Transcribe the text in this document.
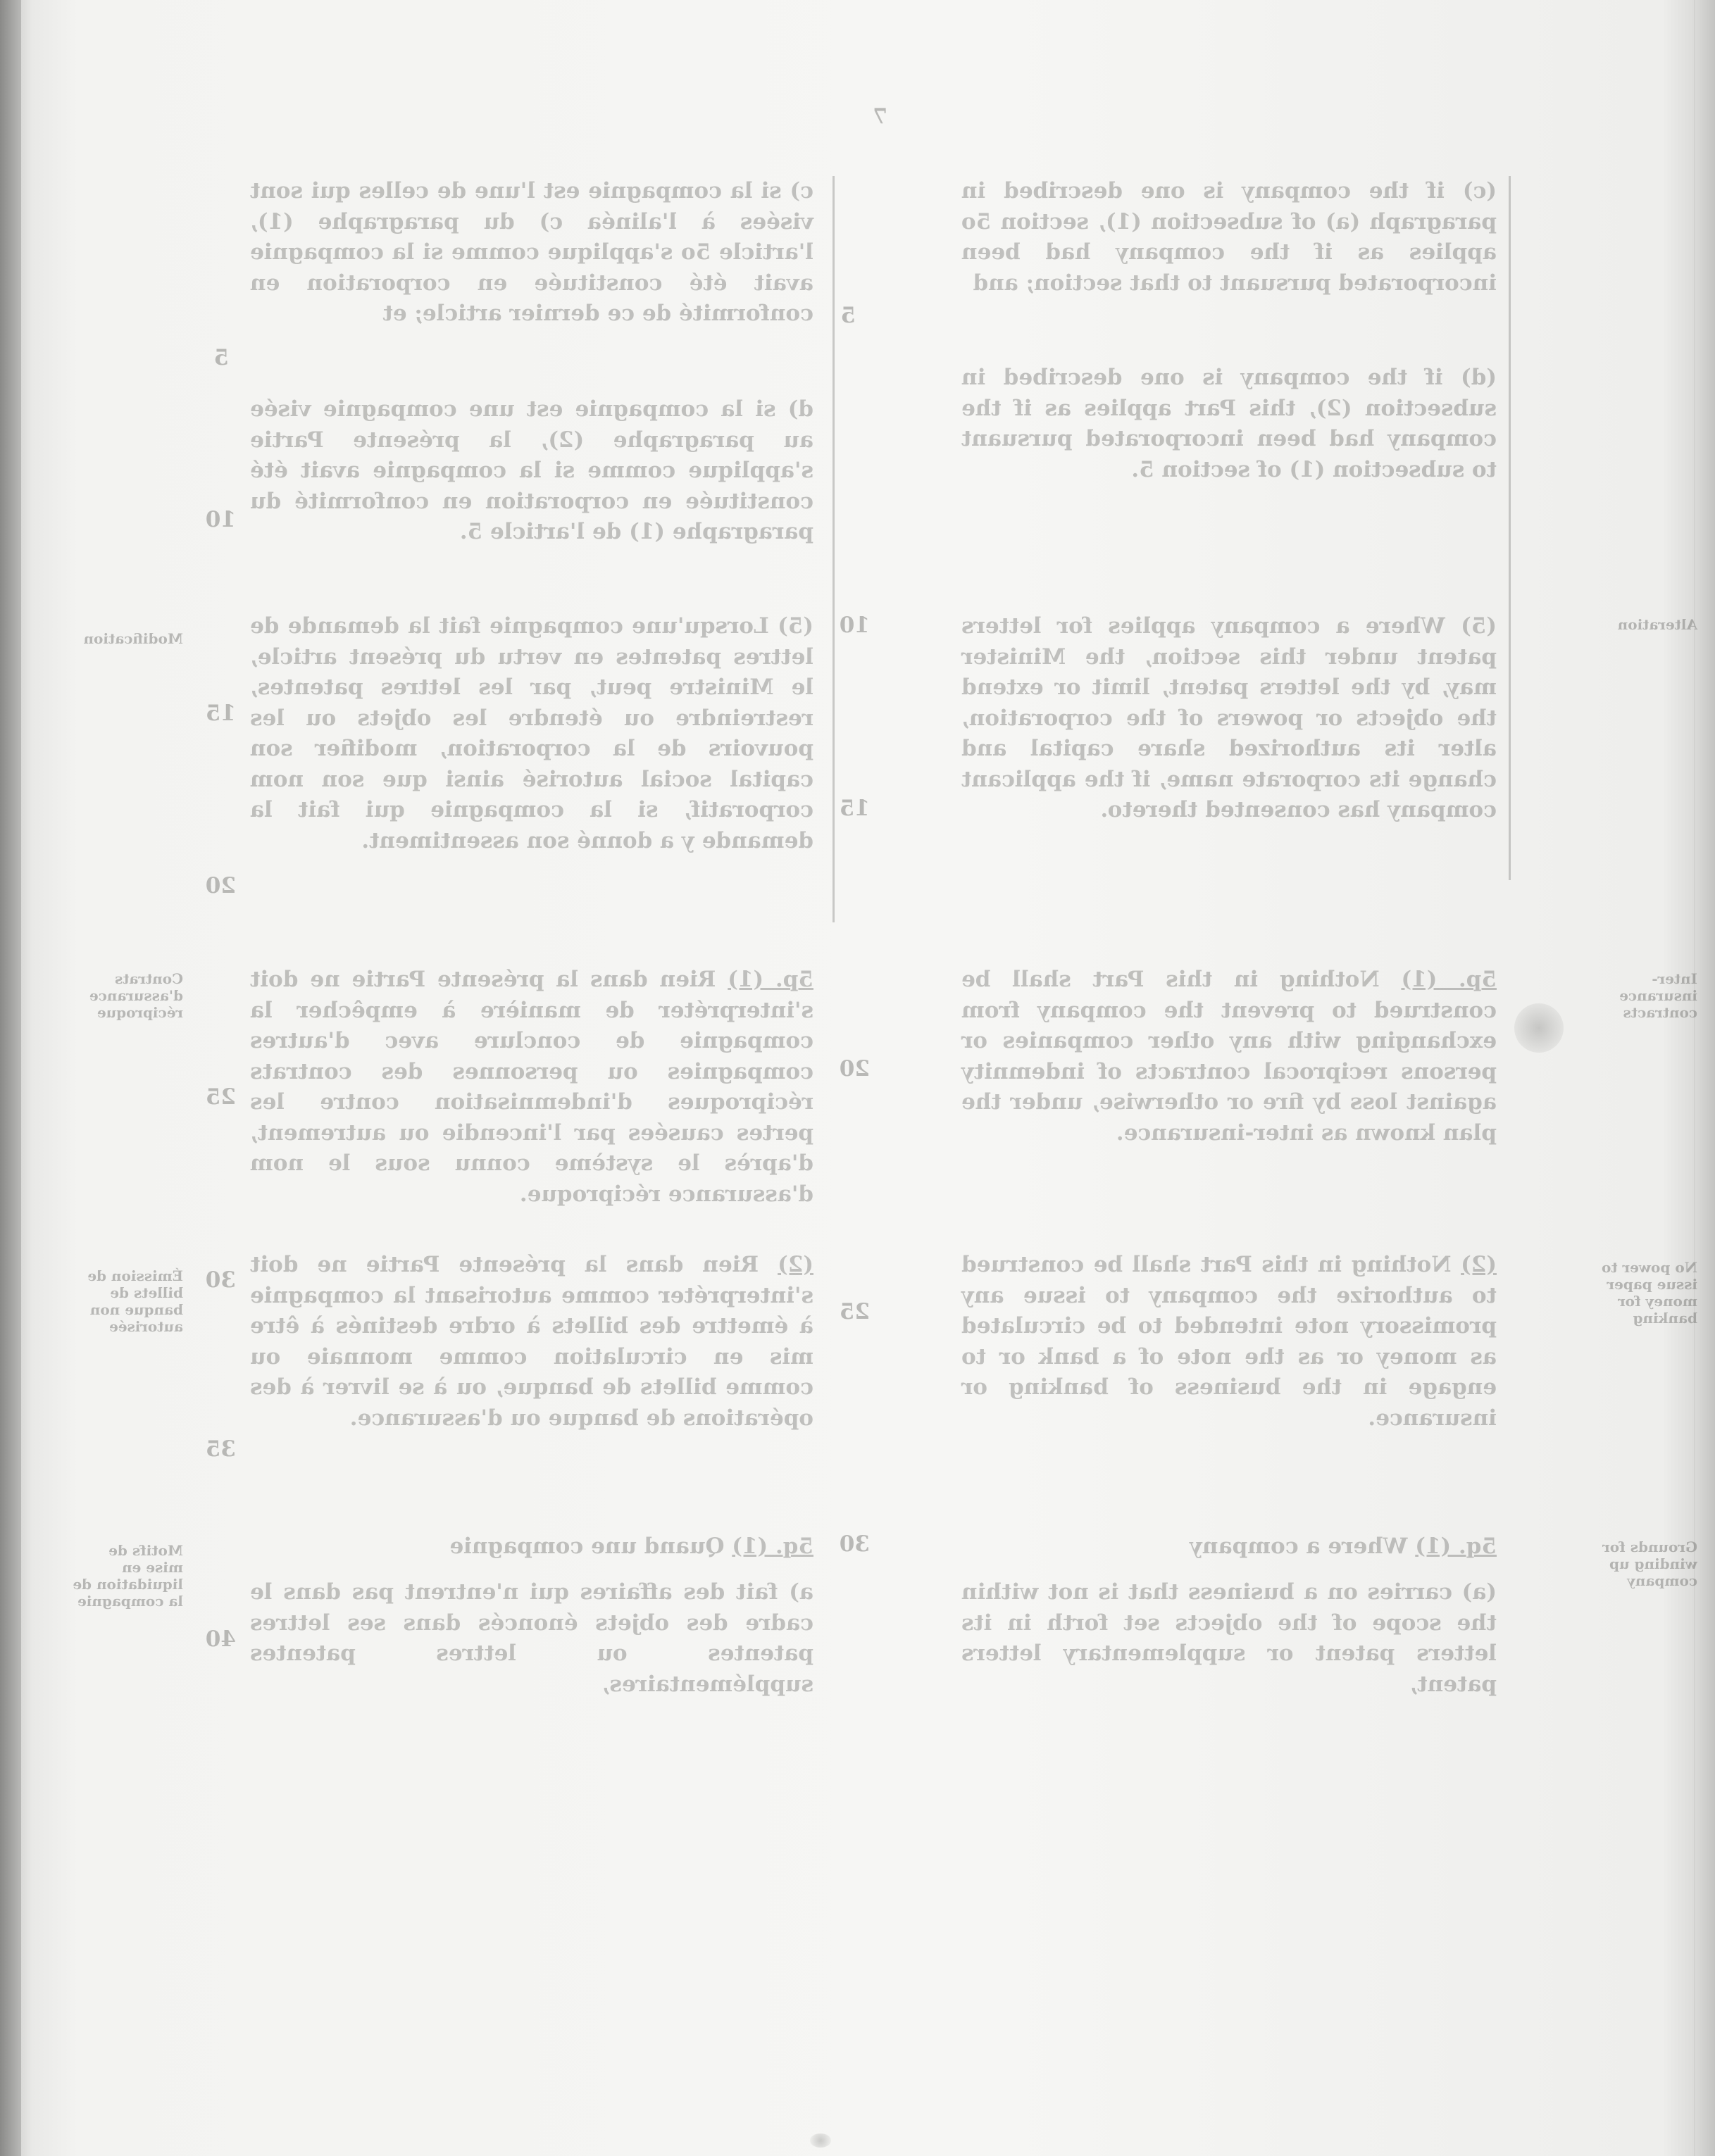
7

(c) if the company is one described in paragraph (a) of subsection (1), section 5o applies as if the company had been incorporated pursuant to that section; and

(d) if the company is one described in subsection (2), this Part applies as if the company had been incorporated pursuant to subsection (1) of section 5.

(5) Where a company applies for letters patent under this section, the Minister may, by the letters patent, limit or extend the objects or powers of the corporation, alter its authorized share capital and change its corporate name, if the applicant company has consented thereto.

5p. (1) Nothing in this Part shall be construed to prevent the company from exchanging with any other companies or persons reciprocal contracts of indemnity against loss by fire or otherwise, under the plan known as inter-insurance.

(2) Nothing in this Part shall be construed to authorize the company to issue any promissory note intended to be circulated as money or as the note of a bank or to engage in the business of banking or insurance.

5q. (1) Where a company

(a) carries on a business that is not within the scope of the objects set forth in its letters patent or supplementary letters patent,

c) si la compagnie est l'une de celles qui sont visées à l'alinéa c) du paragraphe (1), l'article 5o s'applique comme si la compagnie avait été constituée en corporation en conformité de ce dernier article; et

d) si la compagnie est une compagnie visée au paragraphe (2), la présente Partie s'applique comme si la compagnie avait été constituée en corporation en conformité du paragraphe (1) de l'article 5.

(5) Lorsqu'une compagnie fait la demande de lettres patentes en vertu du présent article, le Ministre peut, par les lettres patentes, restreindre ou étendre les objets ou les pouvoirs de la corporation, modifier son capital social autorisé ainsi que son nom corporatif, si la compagnie qui fait la demande y a donné son assentiment.

5p. (1) Rien dans la présente Partie ne doit s'interpréter de manière à empêcher la compagnie de conclure avec d'autres compagnies ou personnes des contrats réciproques d'indemnisation contre les pertes causées par l'incendie ou autrement, d'après le système connu sous le nom d'assurance réciproque.

(2) Rien dans la présente Partie ne doit s'interpréter comme autorisant la compagnie à émettre des billets à ordre destinés à être mis en circulation comme monnaie ou comme billets de banque, ou à se livrer à des opérations de banque ou d'assurance.

5q. (1) Quand une compagnie

a) fait des affaires qui n'entrent pas dans le cadre des objets énoncés dans ses lettres patentes ou lettres patentes supplémentaires,

5
10
15
20
25
30
5
10
15
20
25
30
35
40
Alteration
Inter-insurance contracts
No power to issue paper money for banking
Grounds for winding up company
Modification
Contrats d'assurance réciproque
Émission de billets de banque non autorisée
Motifs de mise en liquidation de la compagnie
